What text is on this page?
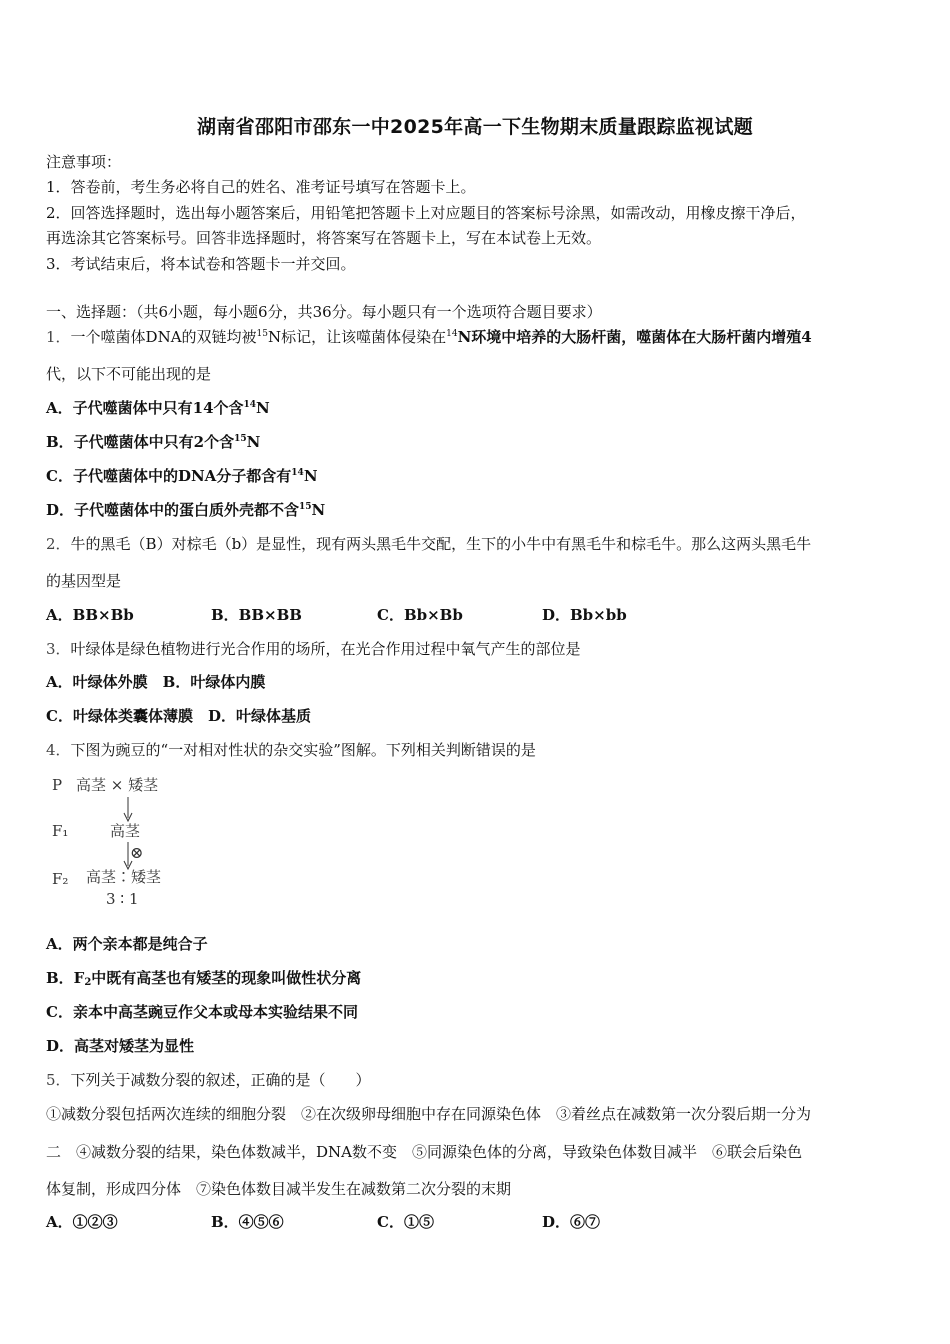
湖南省邵阳市邵东一中2025年高一下生物期末质量跟踪监视试题
注意事项：
1．答卷前，考生务必将自己的姓名、准考证号填写在答题卡上。
2．回答选择题时，选出每小题答案后，用铅笔把答题卡上对应题目的答案标号涂黑，如需改动，用橡皮擦干净后，
再选涂其它答案标号。回答非选择题时，将答案写在答题卡上，写在本试卷上无效。
3．考试结束后，将本试卷和答题卡一并交回。
一、选择题：（共6小题，每小题6分，共36分。每小题只有一个选项符合题目要求）
1．一个噬菌体DNA的双链均被$^{15}$N标记，让该噬菌体侵染在$^{14}$N环境中培养的大肠杆菌，噬菌体在大肠杆菌内增殖4
代，以下不可能出现的是
A．子代噬菌体中只有14个含$^{14}$N
B．子代噬菌体中只有2个含$^{15}$N
C．子代噬菌体中的DNA分子都含有$^{14}$N
D．子代噬菌体中的蛋白质外壳都不含$^{15}$N
2．牛的黑毛（B）对棕毛（b）是显性，现有两头黑毛牛交配，生下的小牛中有黑毛牛和棕毛牛。那么这两头黑毛牛
的基因型是
A．BB×Bb	B．BB×BB	C．Bb×Bb	D．Bb×bb
3．叶绿体是绿色植物进行光合作用的场所，在光合作用过程中氧气产生的部位是
A．叶绿体外膜　B．叶绿体内膜
C．叶绿体类囊体薄膜　D．叶绿体基质
4．下图为豌豆的“一对相对性状的杂交实验”图解。下列相关判断错误的是
P 高茎 × 矮茎
F₁	高茎
⊗
F₂ 高茎∶矮茎
3 ∶ 1
A．两个亲本都是纯合子
B．$F_2$中既有高茎也有矮茎的现象叫做性状分离
C．亲本中高茎豌豆作父本或母本实验结果不同
D．高茎对矮茎为显性
5．下列关于减数分裂的叙述，正确的是（　　）
①减数分裂包括两次连续的细胞分裂　②在次级卵母细胞中存在同源染色体　③着丝点在减数第一次分裂后期一分为
二　④减数分裂的结果，染色体数减半，DNA数不变　⑤同源染色体的分离，导致染色体数目减半　⑥联会后染色
体复制，形成四分体　⑦染色体数目减半发生在减数第二次分裂的末期
A．①②③	B．④⑤⑥	C．①⑤	D．⑥⑦
